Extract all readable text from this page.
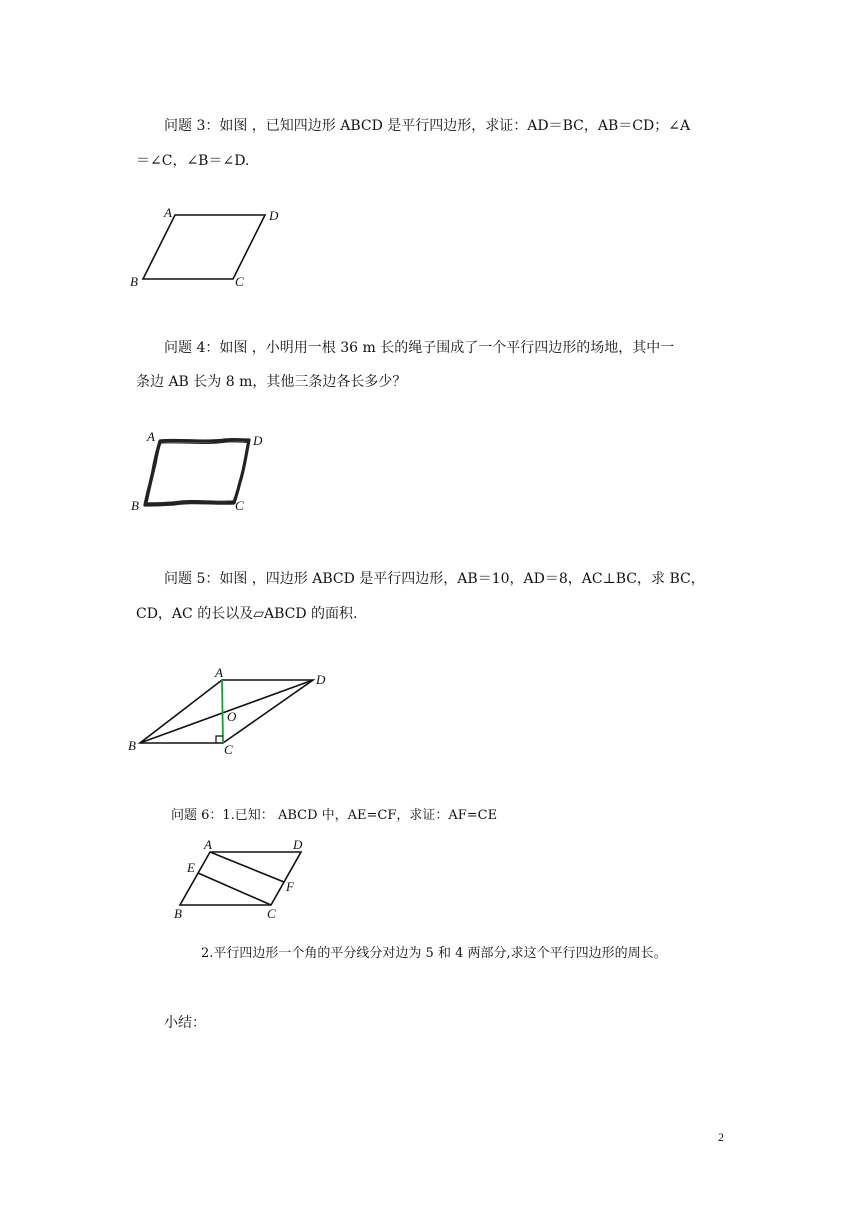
问题 3：如图 ，已知四边形 ABCD 是平行四边形，求证：AD＝BC，AB＝CD；∠A
＝∠C，∠B＝∠D.
A	D
B	C
问题 4：如图 ，小明用一根 36 m 长的绳子围成了一个平行四边形的场地，其中一
条边 AB 长为 8 m，其他三条边各长多少？
A	D
B	C
问题 5：如图 ，四边形 ABCD 是平行四边形，AB＝10，AD＝8，AC⊥BC，求 BC，
CD，AC 的长以及▱ABCD 的面积.
A	D
B	C
O
问题 6：1.已知： ABCD 中，AE=CF，求证：AF=CE
A	D
E
F
B	C
2.平行四边形一个角的平分线分对边为 5 和 4 两部分,求这个平行四边形的周长。
小结：
2
